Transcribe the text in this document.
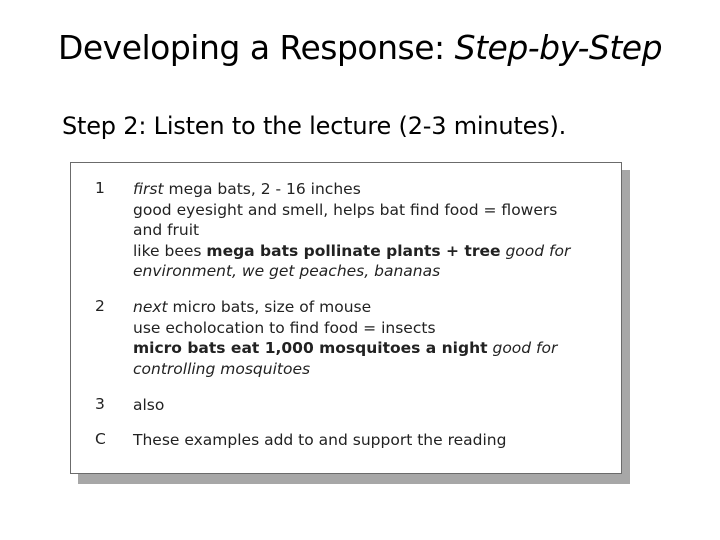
Developing a Response: Step-by-Step
Step 2: Listen to the lecture (2-3 minutes).
1 first mega bats, 2 - 16 inches
good eyesight and smell, helps bat find food = flowers
and fruit
like bees mega bats pollinate plants + tree good for
environment, we get peaches, bananas
2 next micro bats, size of mouse
use echolocation to find food = insects
micro bats eat 1,000 mosquitoes a night good for
controlling mosquitoes
3 also
C These examples add to and support the reading
